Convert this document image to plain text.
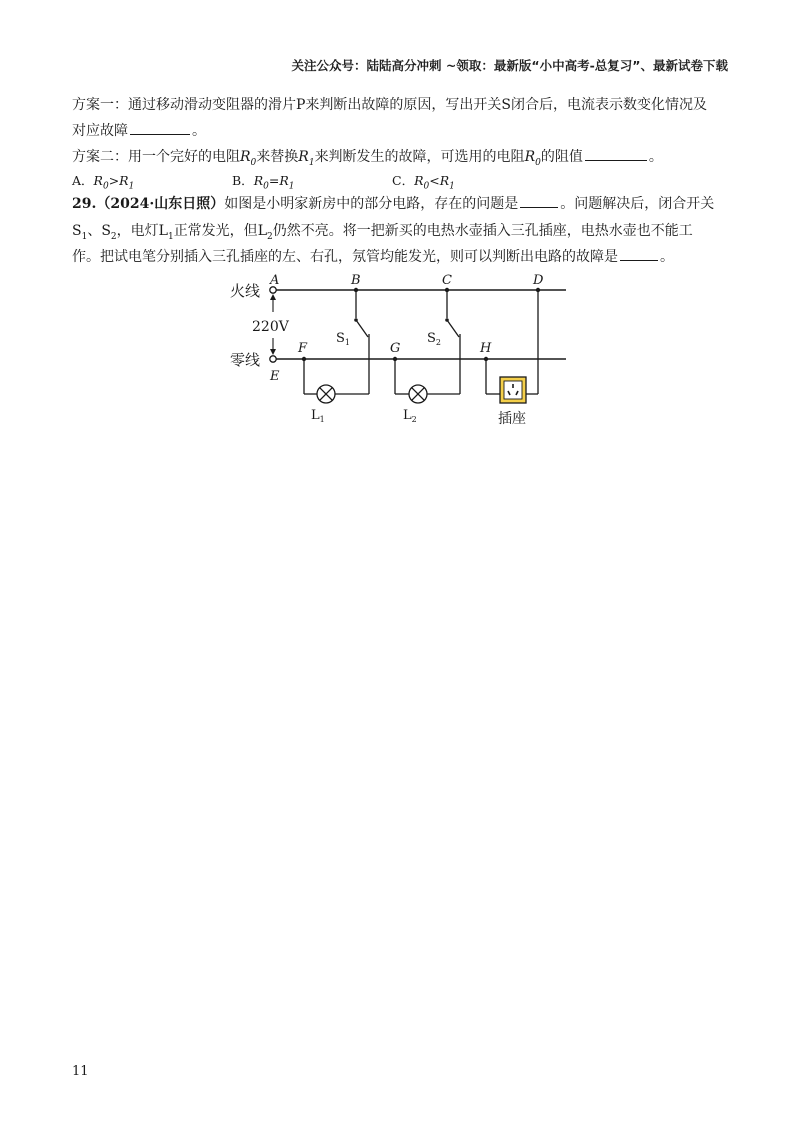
关注公众号：陆陆高分冲刺 ~领取：最新版“小中高考-总复习”、最新试卷下载
方案一：通过移动滑动变阻器的滑片P来判断出故障的原因，写出开关S闭合后，电流表示数变化情况及
对应故障	。
方案二：用一个完好的电阻$R_0$来替换$R_1$来判断发生的故障，可选用的电阻$R_0$的阻值	。
A．$R_0>R_1$	B．$R_0=R_1$	C．$R_0<R_1$
29.（2024·山东日照）如图是小明家新房中的部分电路，存在的问题是	。问题解决后，闭合开关
$S_1$、$S_2$，电灯$L_1$正常发光，但$L_2$仍然不亮。将一把新买的电热水壶插入三孔插座，电热水壶也不能工
作。把试电笔分别插入三孔插座的左、右孔，氖管均能发光，则可以判断出电路的故障是	。
火线
零线
220V
A	B	C	D
E
F	G	H
$S_1$
$L_1$
$S_2$
$L_2$	插座
11
